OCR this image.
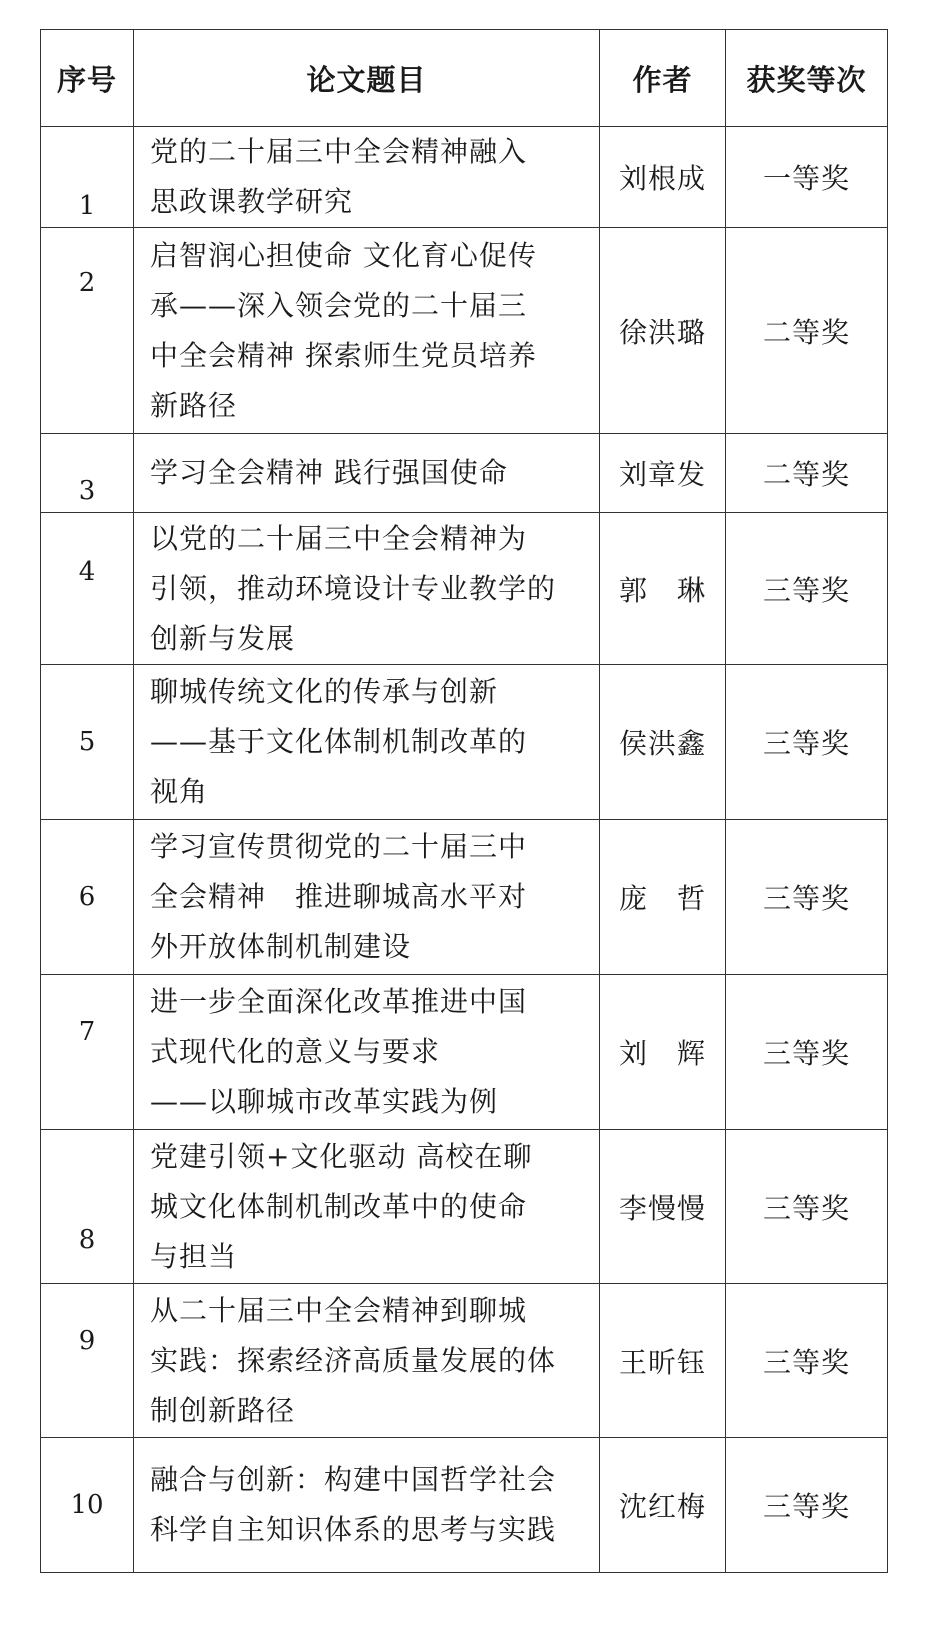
序号	论文题目	作者	获奖等次
1	党的二十届三中全会精神融入
思政课教学研究	刘根成	一等奖
2	启智润心担使命 文化育心促传
承——深入领会党的二十届三
中全会精神 探索师生党员培养
新路径	徐洪璐	二等奖
3	学习全会精神 践行强国使命	刘章发	二等奖
4	以党的二十届三中全会精神为
引领，推动环境设计专业教学的
创新与发展	郭　琳	三等奖
5	聊城传统文化的传承与创新
——基于文化体制机制改革的
视角	侯洪鑫	三等奖
6	学习宣传贯彻党的二十届三中
全会精神　推进聊城高水平对
外开放体制机制建设	庞　哲	三等奖
7	进一步全面深化改革推进中国
式现代化的意义与要求
——以聊城市改革实践为例	刘　辉	三等奖
8	党建引领+文化驱动 高校在聊
城文化体制机制改革中的使命
与担当	李慢慢	三等奖
9	从二十届三中全会精神到聊城
实践：探索经济高质量发展的体
制创新路径	王昕钰	三等奖
10	融合与创新：构建中国哲学社会
科学自主知识体系的思考与实践	沈红梅	三等奖
